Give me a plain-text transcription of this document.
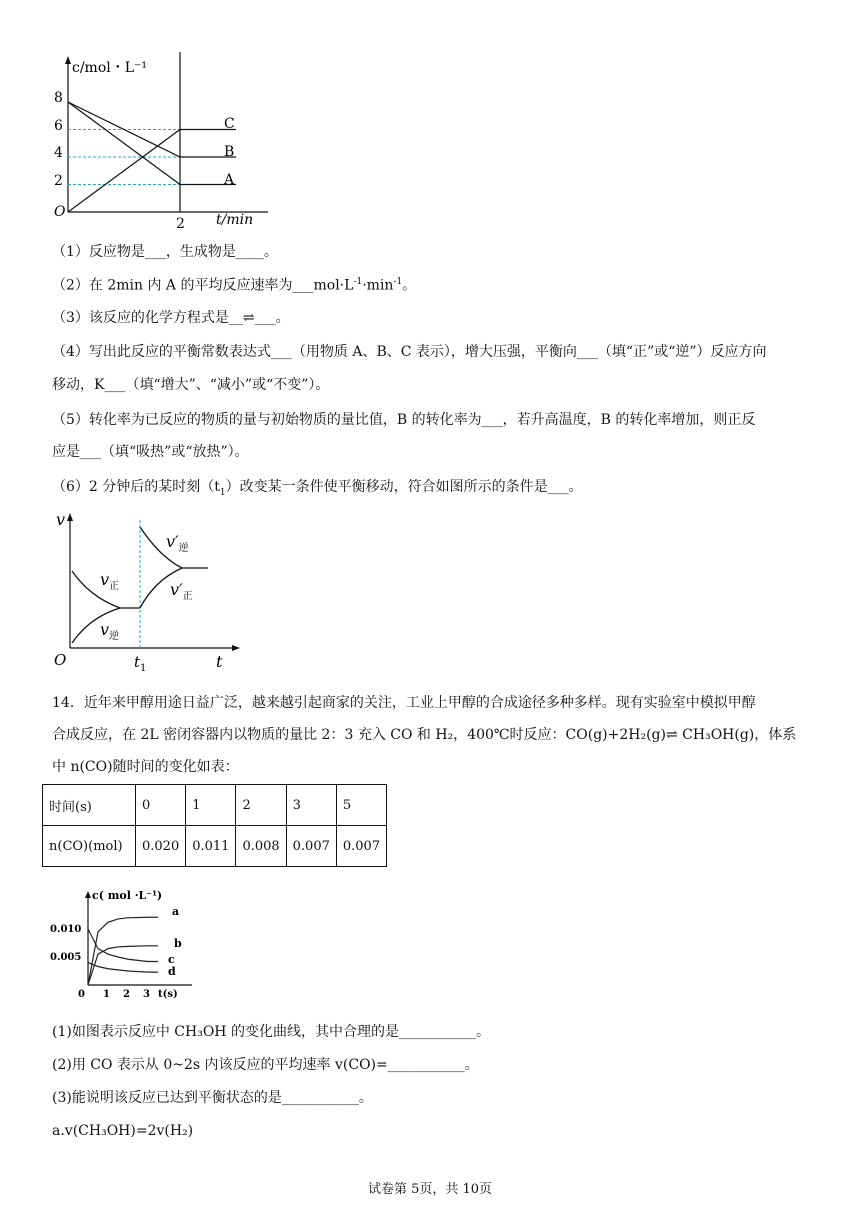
c/mol・L⁻¹
O
8
6
4
2
2 t/min
C
B
A
（1）反应物是___，生成物是____。
（2）在 2min 内 A 的平均反应速率为$\_\_\_mol\cdot L^{-1}\cdot\min^{-1}$。
（3）该反应的化学方程式是__⇌___。
（4）写出此反应的平衡常数表达式___（用物质 A、B、C 表示），增大压强，平衡向___（填“正”或“逆”）反应方向
移动，K___（填“增大”、“减小”或“不变”）。
（5）转化率为已反应的物质的量与初始物质的量比值，B 的转化率为___，若升高温度，B 的转化率增加，则正反
应是___（填“吸热”或“放热”）。
（6）2 分钟后的某时刻$(t_1)$改变某一条件使平衡移动，符合如图所示的条件是___。
v
O	t
$t_1$
$v_正$
$v_逆$
$v'_逆$
$v'_正$
14．近年来甲醇用途日益广泛，越来越引起商家的关注，工业上甲醇的合成途径多种多样。现有实验室中模拟甲醇
合成反应，在 2L 密闭容器内以物质的量比 2：3 充入 CO 和 H₂，400℃时反应：CO(g)+2H₂(g)⇌ CH₃OH(g)，体系
中 n(CO)随时间的变化如表：
时间(s)	0	1	2	3	5
n(CO)(mol)	0.020	0.011	0.008	0.007	0.007
c( mol ·L⁻¹)
0.010
0.005
0 1 2 3 t(s)
a
b
c
d
(1)如图表示反应中 CH₃OH 的变化曲线，其中合理的是___________。
(2)用 CO 表示从 0~2s 内该反应的平均速率 v(CO)=___________。
(3)能说明该反应已达到平衡状态的是___________。
a.v(CH₃OH)=2v(H₂)
试卷第 5页，共 10页
